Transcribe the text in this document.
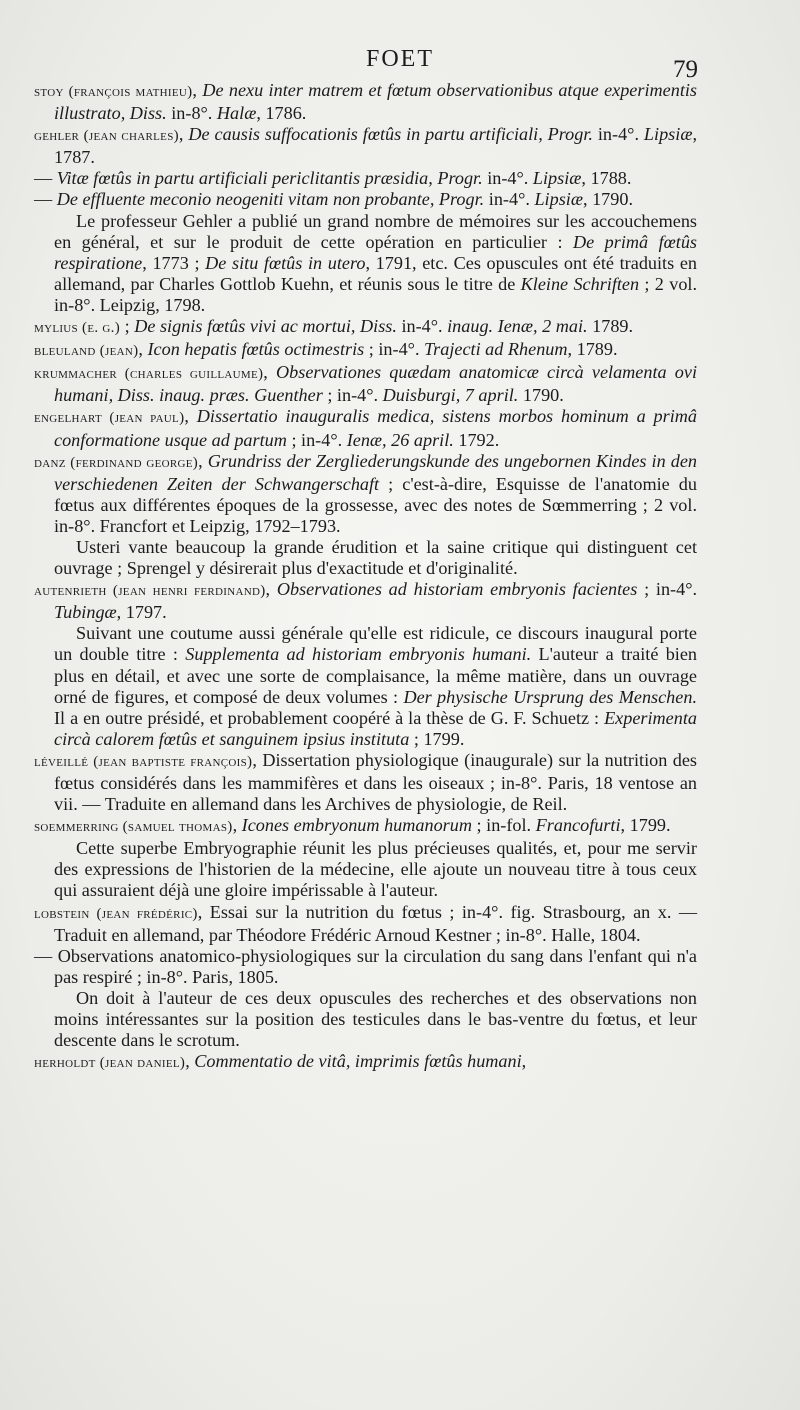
FOET	79

stoy (françois mathieu), De nexu inter matrem et fœtum observationibus atque experimentis illustrato, Diss. in-8°. Halæ, 1786.

gehler (jean charles), De causis suffocationis fœtûs in partu artificiali, Progr. in-4°. Lipsiæ, 1787.

— Vitæ fœtûs in partu artificiali periclitantis præsidia, Progr. in-4°. Lipsiæ, 1788.

— De effluente meconio neogeniti vitam non probante, Progr. in-4°. Lipsiæ, 1790.

Le professeur Gehler a publié un grand nombre de mémoires sur les accouchemens en général, et sur le produit de cette opération en particulier : De primâ fœtûs respiratione, 1773 ; De situ fœtûs in utero, 1791, etc. Ces opuscules ont été traduits en allemand, par Charles Gottlob Kuehn, et réunis sous le titre de Kleine Schriften ; 2 vol. in-8°. Leipzig, 1798.

mylius (e. g.) ; De signis fœtûs vivi ac mortui, Diss. in-4°. inaug. Ienæ, 2 mai. 1789.

bleuland (jean), Icon hepatis fœtûs octimestris ; in-4°. Trajecti ad Rhenum, 1789.

krummacher (charles guillaume), Observationes quædam anatomicæ circà velamenta ovi humani, Diss. inaug. præs. Guenther ; in-4°. Duisburgi, 7 april. 1790.

engelhart (jean paul), Dissertatio inauguralis medica, sistens morbos hominum a primâ conformatione usque ad partum ; in-4°. Ienæ, 26 april. 1792.

danz (ferdinand george), Grundriss der Zergliederungskunde des ungebornen Kindes in den verschiedenen Zeiten der Schwangerschaft ; c'est-à-dire, Esquisse de l'anatomie du fœtus aux différentes époques de la grossesse, avec des notes de Sœmmerring ; 2 vol. in-8°. Francfort et Leipzig, 1792–1793.

Usteri vante beaucoup la grande érudition et la saine critique qui distinguent cet ouvrage ; Sprengel y désirerait plus d'exactitude et d'originalité.

autenrieth (jean henri ferdinand), Observationes ad historiam embryonis facientes ; in-4°. Tubingæ, 1797.

Suivant une coutume aussi générale qu'elle est ridicule, ce discours inaugural porte un double titre : Supplementa ad historiam embryonis humani. L'auteur a traité bien plus en détail, et avec une sorte de complaisance, la même matière, dans un ouvrage orné de figures, et composé de deux volumes : Der physische Ursprung des Menschen. Il a en outre présidé, et probablement coopéré à la thèse de G. F. Schuetz : Experimenta circà calorem fœtûs et sanguinem ipsius instituta ; 1799.

léveillé (jean baptiste françois), Dissertation physiologique (inaugurale) sur la nutrition des fœtus considérés dans les mammifères et dans les oiseaux ; in-8°. Paris, 18 ventose an vii. — Traduite en allemand dans les Archives de physiologie, de Reil.

soemmerring (samuel thomas), Icones embryonum humanorum ; in-fol. Francofurti, 1799.

Cette superbe Embryographie réunit les plus précieuses qualités, et, pour me servir des expressions de l'historien de la médecine, elle ajoute un nouveau titre à tous ceux qui assuraient déjà une gloire impérissable à l'auteur.

lobstein (jean frédéric), Essai sur la nutrition du fœtus ; in-4°. fig. Strasbourg, an x. — Traduit en allemand, par Théodore Frédéric Arnoud Kestner ; in-8°. Halle, 1804.

— Observations anatomico-physiologiques sur la circulation du sang dans l'enfant qui n'a pas respiré ; in-8°. Paris, 1805.

On doit à l'auteur de ces deux opuscules des recherches et des observations non moins intéressantes sur la position des testicules dans le bas-ventre du fœtus, et leur descente dans le scrotum.

herholdt (jean daniel), Commentatio de vitâ, imprimis fœtûs humani,
